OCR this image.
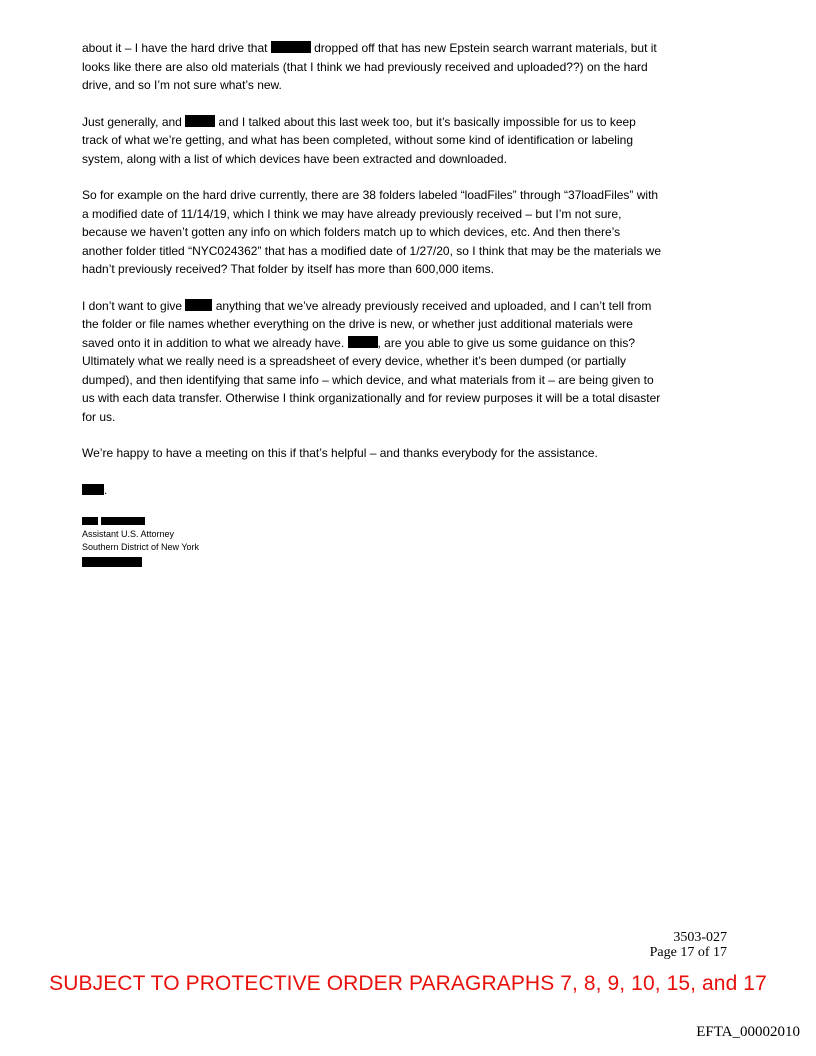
about it – I have the hard drive that	dropped off that has new Epstein search warrant materials, but it looks like there are also old materials (that I think we had previously received and uploaded??) on the hard drive, and so I’m not sure what’s new.

Just generally, and	and I talked about this last week too, but it’s basically impossible for us to keep track of what we’re getting, and what has been completed, without some kind of identification or labeling system, along with a list of which devices have been extracted and downloaded.

So for example on the hard drive currently, there are 38 folders labeled “loadFiles” through “37loadFiles” with a modified date of 11/14/19, which I think we may have already previously received – but I’m not sure, because we haven’t gotten any info on which folders match up to which devices, etc. And then there’s another folder titled “NYC024362” that has a modified date of 1/27/20, so I think that may be the materials we hadn’t previously received? That folder by itself has more than 600,000 items.

I don’t want to give  anything that we’ve already previously received and uploaded, and I can’t tell from the folder or file names whether everything on the drive is new, or whether just additional materials were saved onto it in addition to what we already have.	, are you able to give us some guidance on this? Ultimately what we really need is a spreadsheet of every device, whether it’s been dumped (or partially dumped), and then identifying that same info – which device, and what materials from it – are being given to us with each data transfer. Otherwise I think organizationally and for review purposes it will be a total disaster for us.

We’re happy to have a meeting on this if that’s helpful – and thanks everybody for the assistance.

.
Assistant U.S. Attorney
Southern District of New York
3503-027
Page 17 of 17
SUBJECT TO PROTECTIVE ORDER PARAGRAPHS 7, 8, 9, 10, 15, and 17
EFTA_00002010
